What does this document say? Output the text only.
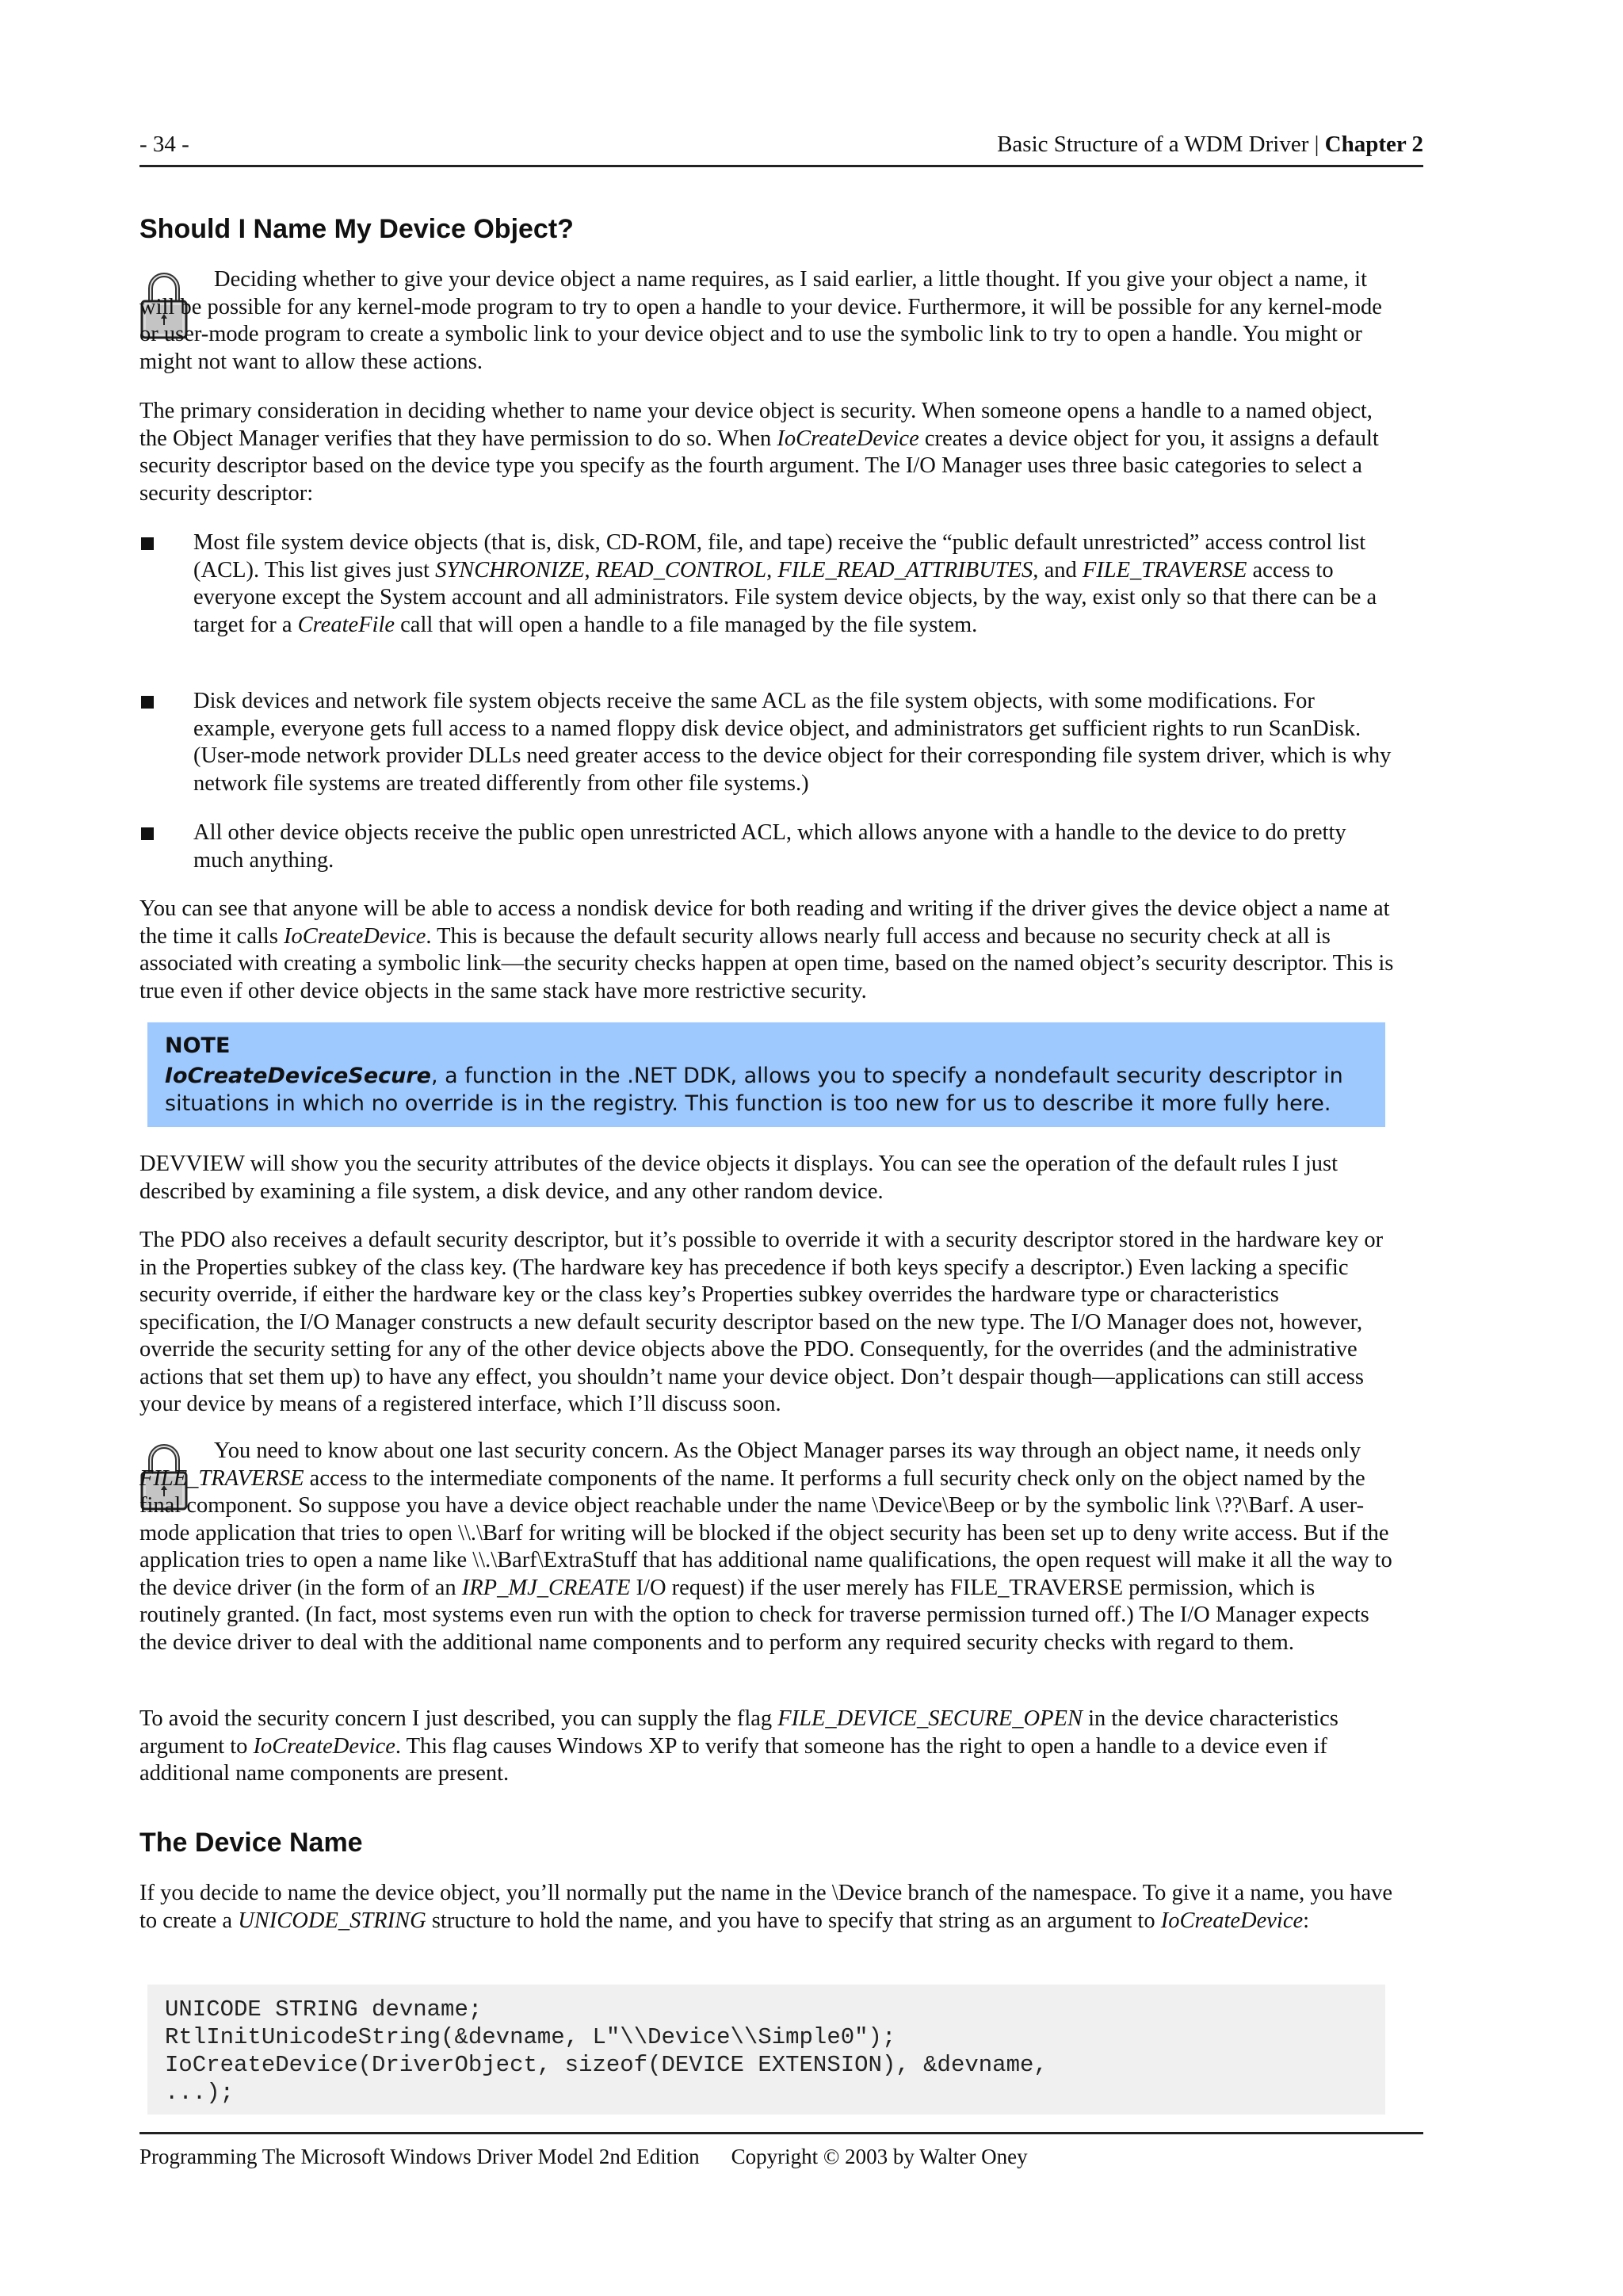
- 34 -	Basic Structure of a WDM Driver | Chapter 2
Should I Name My Device Object?

Deciding whether to give your device object a name requires, as I said earlier, a little thought. If you give your object a name, it will be possible for any kernel-mode program to try to open a handle to your device. Furthermore, it will be possible for any kernel-mode or user-mode program to create a symbolic link to your device object and to use the symbolic link to try to open a handle. You might or might not want to allow these actions.

The primary consideration in deciding whether to name your device object is security. When someone opens a handle to a named object, the Object Manager verifies that they have permission to do so. When IoCreateDevice creates a device object for you, it assigns a default security descriptor based on the device type you specify as the fourth argument. The I/O Manager uses three basic categories to select a security descriptor:

Most file system device objects (that is, disk, CD-ROM, file, and tape) receive the “public default unrestricted” access control list (ACL). This list gives just SYNCHRONIZE, READ_CONTROL, FILE_READ_ATTRIBUTES, and FILE_TRAVERSE access to everyone except the System account and all administrators. File system device objects, by the way, exist only so that there can be a target for a CreateFile call that will open a handle to a file managed by the file system.

Disk devices and network file system objects receive the same ACL as the file system objects, with some modifications. For example, everyone gets full access to a named floppy disk device object, and administrators get sufficient rights to run ScanDisk. (User-mode network provider DLLs need greater access to the device object for their corresponding file system driver, which is why network file systems are treated differently from other file systems.)

All other device objects receive the public open unrestricted ACL, which allows anyone with a handle to the device to do pretty much anything.

You can see that anyone will be able to access a nondisk device for both reading and writing if the driver gives the device object a name at the time it calls IoCreateDevice. This is because the default security allows nearly full access and because no security check at all is associated with creating a symbolic link—the security checks happen at open time, based on the named object’s security descriptor. This is true even if other device objects in the same stack have more restrictive security.

NOTE

IoCreateDeviceSecure, a function in the .NET DDK, allows you to specify a nondefault security descriptor in situations in which no override is in the registry. This function is too new for us to describe it more fully here.

DEVVIEW will show you the security attributes of the device objects it displays. You can see the operation of the default rules I just described by examining a file system, a disk device, and any other random device.

The PDO also receives a default security descriptor, but it’s possible to override it with a security descriptor stored in the hardware key or in the Properties subkey of the class key. (The hardware key has precedence if both keys specify a descriptor.) Even lacking a specific security override, if either the hardware key or the class key’s Properties subkey overrides the hardware type or characteristics specification, the I/O Manager constructs a new default security descriptor based on the new type. The I/O Manager does not, however, override the security setting for any of the other device objects above the PDO. Consequently, for the overrides (and the administrative actions that set them up) to have any effect, you shouldn’t name your device object. Don’t despair though—applications can still access your device by means of a registered interface, which I’ll discuss soon.

You need to know about one last security concern. As the Object Manager parses its way through an object name, it needs only FILE_TRAVERSE access to the intermediate components of the name. It performs a full security check only on the object named by the final component. So suppose you have a device object reachable under the name \Device\Beep or by the symbolic link \??\Barf. A user-mode application that tries to open \\.\Barf for writing will be blocked if the object security has been set up to deny write access. But if the application tries to open a name like \\.\Barf\ExtraStuff that has additional name qualifications, the open request will make it all the way to the device driver (in the form of an IRP_MJ_CREATE I/O request) if the user merely has FILE_TRAVERSE permission, which is routinely granted. (In fact, most systems even run with the option to check for traverse permission turned off.) The I/O Manager expects the device driver to deal with the additional name components and to perform any required security checks with regard to them.

To avoid the security concern I just described, you can supply the flag FILE_DEVICE_SECURE_OPEN in the device characteristics argument to IoCreateDevice. This flag causes Windows XP to verify that someone has the right to open a handle to a device even if additional name components are present.

The Device Name

If you decide to name the device object, you’ll normally put the name in the \Device branch of the namespace. To give it a name, you have to create a UNICODE_STRING structure to hold the name, and you have to specify that string as an argument to IoCreateDevice:

UNICODE STRING devname;
RtlInitUnicodeString(&devname, L"\\Device\\Simple0");
IoCreateDevice(DriverObject, sizeof(DEVICE EXTENSION), &devname,
...);
Programming The Microsoft Windows Driver Model 2nd Edition Copyright © 2003 by Walter Oney
